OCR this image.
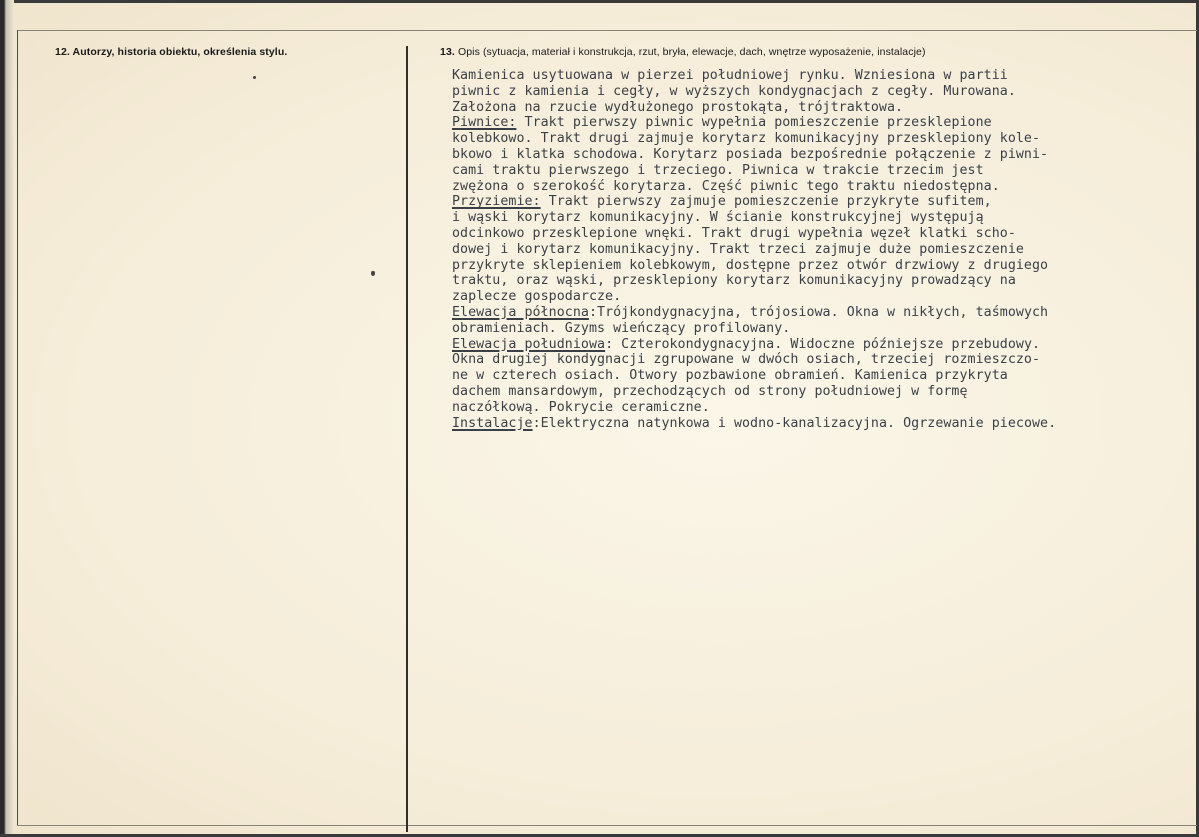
12. Autorzy, historia obiektu, określenia stylu.	13. Opis (sytuacja, materiał i konstrukcja, rzut, bryła, elewacje, dach, wnętrze wyposażenie, instalacje)
Kamienica usytuowana w pierzei południowej rynku. Wzniesiona w partii
piwnic z kamienia i cegły, w wyższych kondygnacjach z cegły. Murowana.
Założona na rzucie wydłużonego prostokąta, trójtraktowa.
Piwnice: Trakt pierwszy piwnic wypełnia pomieszczenie przesklepione
kolebkowo. Trakt drugi zajmuje korytarz komunikacyjny przesklepiony kole-
bkowo i klatka schodowa. Korytarz posiada bezpośrednie połączenie z piwni-
cami traktu pierwszego i trzeciego. Piwnica w trakcie trzecim jest
zwężona o szerokość korytarza. Część piwnic tego traktu niedostępna.
Przyziemie: Trakt pierwszy zajmuje pomieszczenie przykryte sufitem,
i wąski korytarz komunikacyjny. W ścianie konstrukcyjnej występują
odcinkowo przesklepione wnęki. Trakt drugi wypełnia węzeł klatki scho-
dowej i korytarz komunikacyjny. Trakt trzeci zajmuje duże pomieszczenie
przykryte sklepieniem kolebkowym, dostępne przez otwór drzwiowy z drugiego
traktu, oraz wąski, przesklepiony korytarz komunikacyjny prowadzący na
zaplecze gospodarcze.
Elewacja północna:Trójkondygnacyjna, trójosiowa. Okna w nikłych, taśmowych
obramieniach. Gzyms wieńczący profilowany.
Elewacja południowa: Czterokondygnacyjna. Widoczne późniejsze przebudowy.
Okna drugiej kondygnacji zgrupowane w dwóch osiach, trzeciej rozmieszczo-
ne w czterech osiach. Otwory pozbawione obramień. Kamienica przykryta
dachem mansardowym, przechodzących od strony południowej w formę
naczółkową. Pokrycie ceramiczne.
Instalacje:Elektryczna natynkowa i wodno-kanalizacyjna. Ogrzewanie piecowe.
